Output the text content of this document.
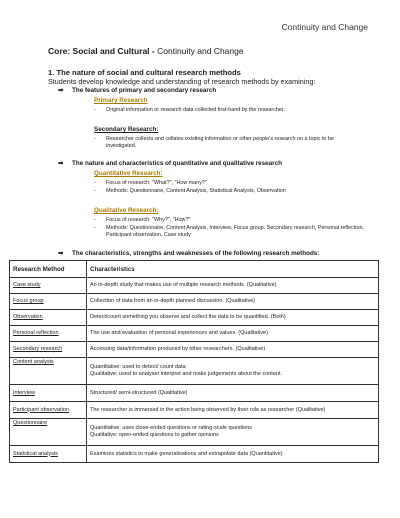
Continuity and Change
Core: Social and Cultural - Continuity and Change
1. The nature of social and cultural research methods
Students develop knowledge and understanding of research methods by examining:
➡ The features of primary and secondary research
Primary Research
- Original information or research data collected first-hand by the researcher.
Secondary Research:
- Researcher collects and collates existing information or other people's research on a topic to be investigated.
➡ The nature and characteristics of quantitative and qualitative research
Quantitative Research:
- Focus of research: "What?", "How many?"
- Methods: Questionnaire, Content Analysis, Statistical Analysis, Observation
Qualitative Research:
- Focus of research: "Why?", "How?"
- Methods: Questionnaire, Content Analysis, Interview, Focus group, Secondary research, Personal reflection, Participant observation, Case study
➡ The characteristics, strengths and weaknesses of the following research methods:
Research Method	Characteristics
Case study	An in-depth study that makes use of multiple research methods. (Qualitative)

Focus group	Collection of data from an in-depth planned discussion. (Qualitative)

Observation	Detect/count something you observe and collect the data to be quantified. (Both)

Personal reflection	The use and evaluation of personal experiences and values. (Qualitative)

Secondary research	Accessing data/information produced by other researchers. (Qualitative)

Content analysis	Quantitative: used to detect/ count data
Qualitative: used to analyse/ interpret and make judgements about the content.

Interview	Structured/ semi-structured (Qualitative)

Participant observation	The researcher is immersed in the action being observed by their role as researcher (Qualitative)

Questionnaire	Quantitative: uses close-ended questions or rating-scale questions
Qualitative: open-ended questions to gather opinions

Statistical analysis	Examines statistics to make generalisations and extrapolate data (Quantitative)
